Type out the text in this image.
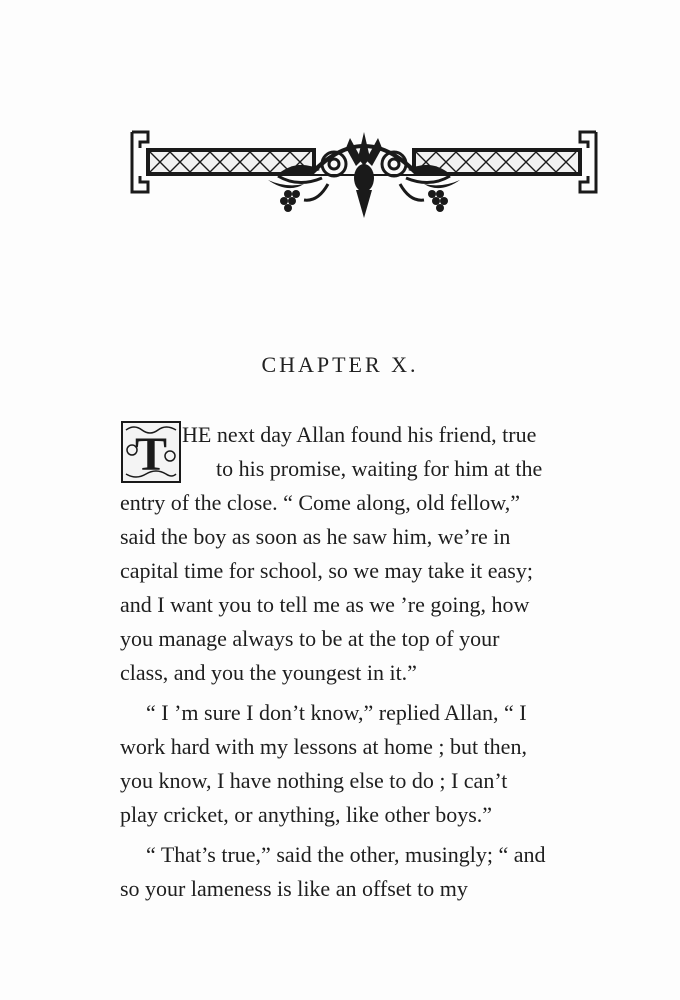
CHAPTER X.
T HE next day Allan found his friend, true
to his promise, waiting for him at the
entry of the close. “ Come along, old fellow,”
said the boy as soon as he saw him, we’re in
capital time for school, so we may take it easy;
and I want you to tell me as we ’re going, how
you manage always to be at the top of your
class, and you the youngest in it.”
“ I ’m sure I don’t know,” replied Allan, “ I
work hard with my lessons at home ; but then,
you know, I have nothing else to do ; I can’t
play cricket, or anything, like other boys.”
“ That’s true,” said the other, musingly; “ and
so your lameness is like an offset to my
